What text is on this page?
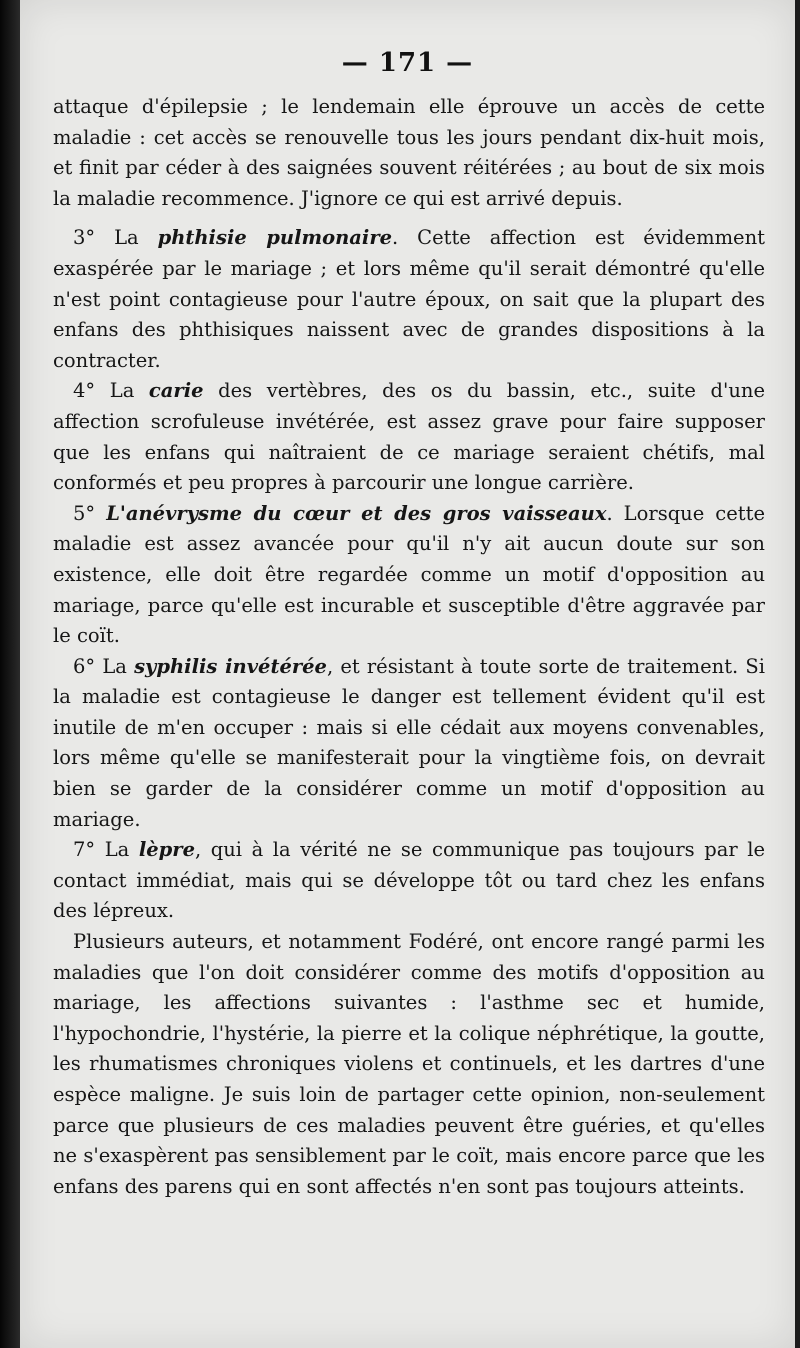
— 171 —

attaque d'épilepsie ; le lendemain elle éprouve un accès de cette maladie : cet accès se renouvelle tous les jours pendant dix-huit mois, et finit par céder à des saignées souvent réitérées ; au bout de six mois la maladie recommence. J'ignore ce qui est arrivé depuis.

3° La phthisie pulmonaire. Cette affection est évidemment exaspérée par le mariage ; et lors même qu'il serait démontré qu'elle n'est point contagieuse pour l'autre époux, on sait que la plupart des enfans des phthisiques naissent avec de grandes dispositions à la contracter.

4° La carie des vertèbres, des os du bassin, etc., suite d'une affection scrofuleuse invétérée, est assez grave pour faire supposer que les enfans qui naîtraient de ce mariage seraient chétifs, mal conformés et peu propres à parcourir une longue carrière.

5° L'anévrysme du cœur et des gros vaisseaux. Lorsque cette maladie est assez avancée pour qu'il n'y ait aucun doute sur son existence, elle doit être regardée comme un motif d'opposition au mariage, parce qu'elle est incurable et susceptible d'être aggravée par le coït.

6° La syphilis invétérée, et résistant à toute sorte de traitement. Si la maladie est contagieuse le danger est tellement évident qu'il est inutile de m'en occuper : mais si elle cédait aux moyens convenables, lors même qu'elle se manifesterait pour la vingtième fois, on devrait bien se garder de la considérer comme un motif d'opposition au mariage.

7° La lèpre, qui à la vérité ne se communique pas toujours par le contact immédiat, mais qui se développe tôt ou tard chez les enfans des lépreux.

Plusieurs auteurs, et notamment Fodéré, ont encore rangé parmi les maladies que l'on doit considérer comme des motifs d'opposition au mariage, les affections suivantes : l'asthme sec et humide, l'hypochondrie, l'hystérie, la pierre et la colique néphrétique, la goutte, les rhumatismes chroniques violens et continuels, et les dartres d'une espèce maligne. Je suis loin de partager cette opinion, non-seulement parce que plusieurs de ces maladies peuvent être guéries, et qu'elles ne s'exaspèrent pas sensiblement par le coït, mais encore parce que les enfans des parens qui en sont affectés n'en sont pas toujours atteints.
